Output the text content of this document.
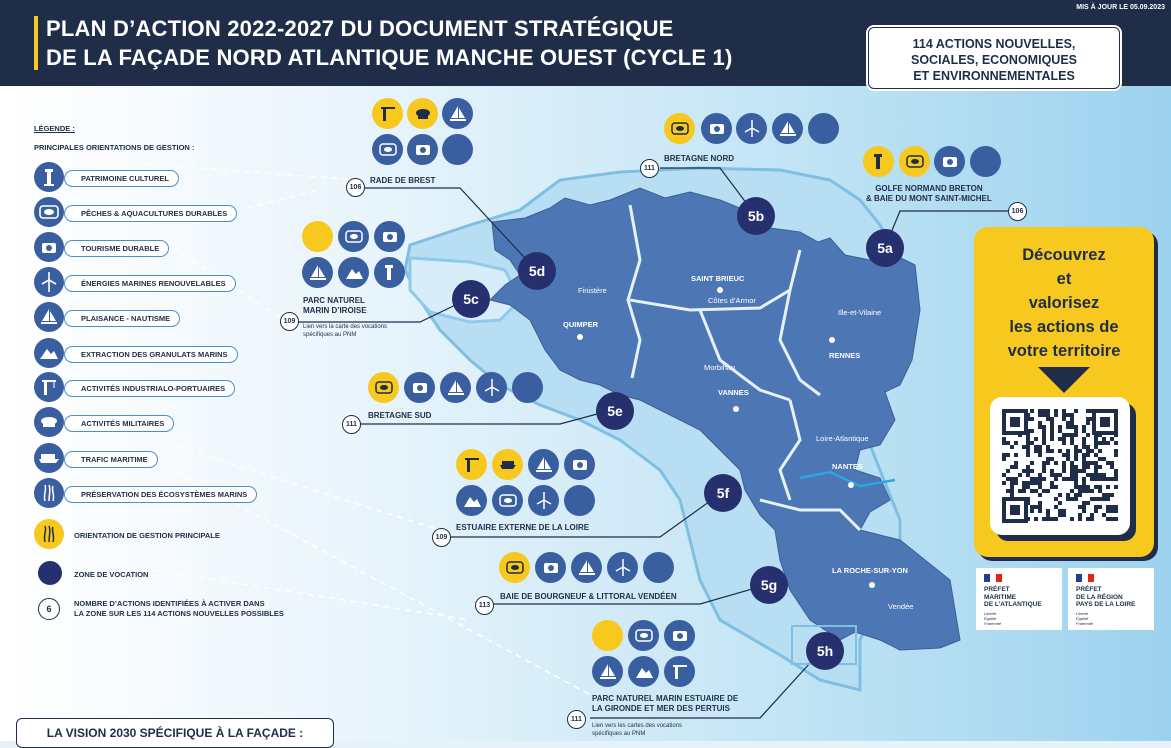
PLAN D’ACTION 2022-2027 DU DOCUMENT STRATÉGIQUE
DE LA FAÇADE NORD ATLANTIQUE MANCHE OUEST (CYCLE 1)
MIS À JOUR LE 05.09.2023
114 ACTIONS NOUVELLES,
SOCIALES, ECONOMIQUES
ET ENVIRONNEMENTALES
LÉGENDE :
PRINCIPALES ORIENTATIONS DE GESTION :
PATRIMOINE CULTUREL
PÊCHES & AQUACULTURES DURABLES
TOURISME DURABLE
ÉNERGIES MARINES RENOUVELABLES
PLAISANCE - NAUTISME
EXTRACTION DES GRANULATS MARINS
ACTIVITÉS INDUSTRIALO-PORTUAIRES
ACTIVITÉS MILITAIRES
TRAFIC MARITIME
PRÉSERVATION DES ÉCOSYSTÈMES MARINS
ORIENTATION DE GESTION PRINCIPALE
ZONE DE VOCATION
6
NOMBRE D’ACTIONS IDENTIFIÉES À ACTIVER DANS
LA ZONE SUR LES 114 ACTIONS NOUVELLES POSSIBLES
5a
5b
5c
5d
5e
5f
5g
5h
106
111
109
106
111
109
113
111
GOLFE NORMAND BRETON
& BAIE DU MONT SAINT-MICHEL
BRETAGNE NORD
PARC NATUREL
MARIN D’IROISE
Lien vers la carte des vocations
spécifiques au PNM
RADE DE BREST
BRETAGNE SUD
ESTUAIRE EXTERNE DE LA LOIRE
BAIE DE BOURGNEUF & LITTORAL VENDÉEN
PARC NATUREL MARIN ESTUAIRE DE
LA GIRONDE ET MER DES PERTUIS
Lien vers les cartes des vocations
spécifiques au PNM
Finistère
Côtes d’Armor
Ille-et-Vilaine
Morbihan
Loire-Atlantique
Vendée
SAINT BRIEUC
QUIMPER
RENNES
VANNES
NANTES
LA ROCHE-SUR-YON
Découvrez
et
valorisez
les actions de
votre territoire
PRÉFET
MARITIME
DE L’ATLANTIQUE
Liberté
Égalité
Fraternité
PRÉFET
DE LA RÉGION
PAYS DE LA LOIRE
Liberté
Égalité
Fraternité
LA VISION 2030 SPÉCIFIQUE À LA FAÇADE :
